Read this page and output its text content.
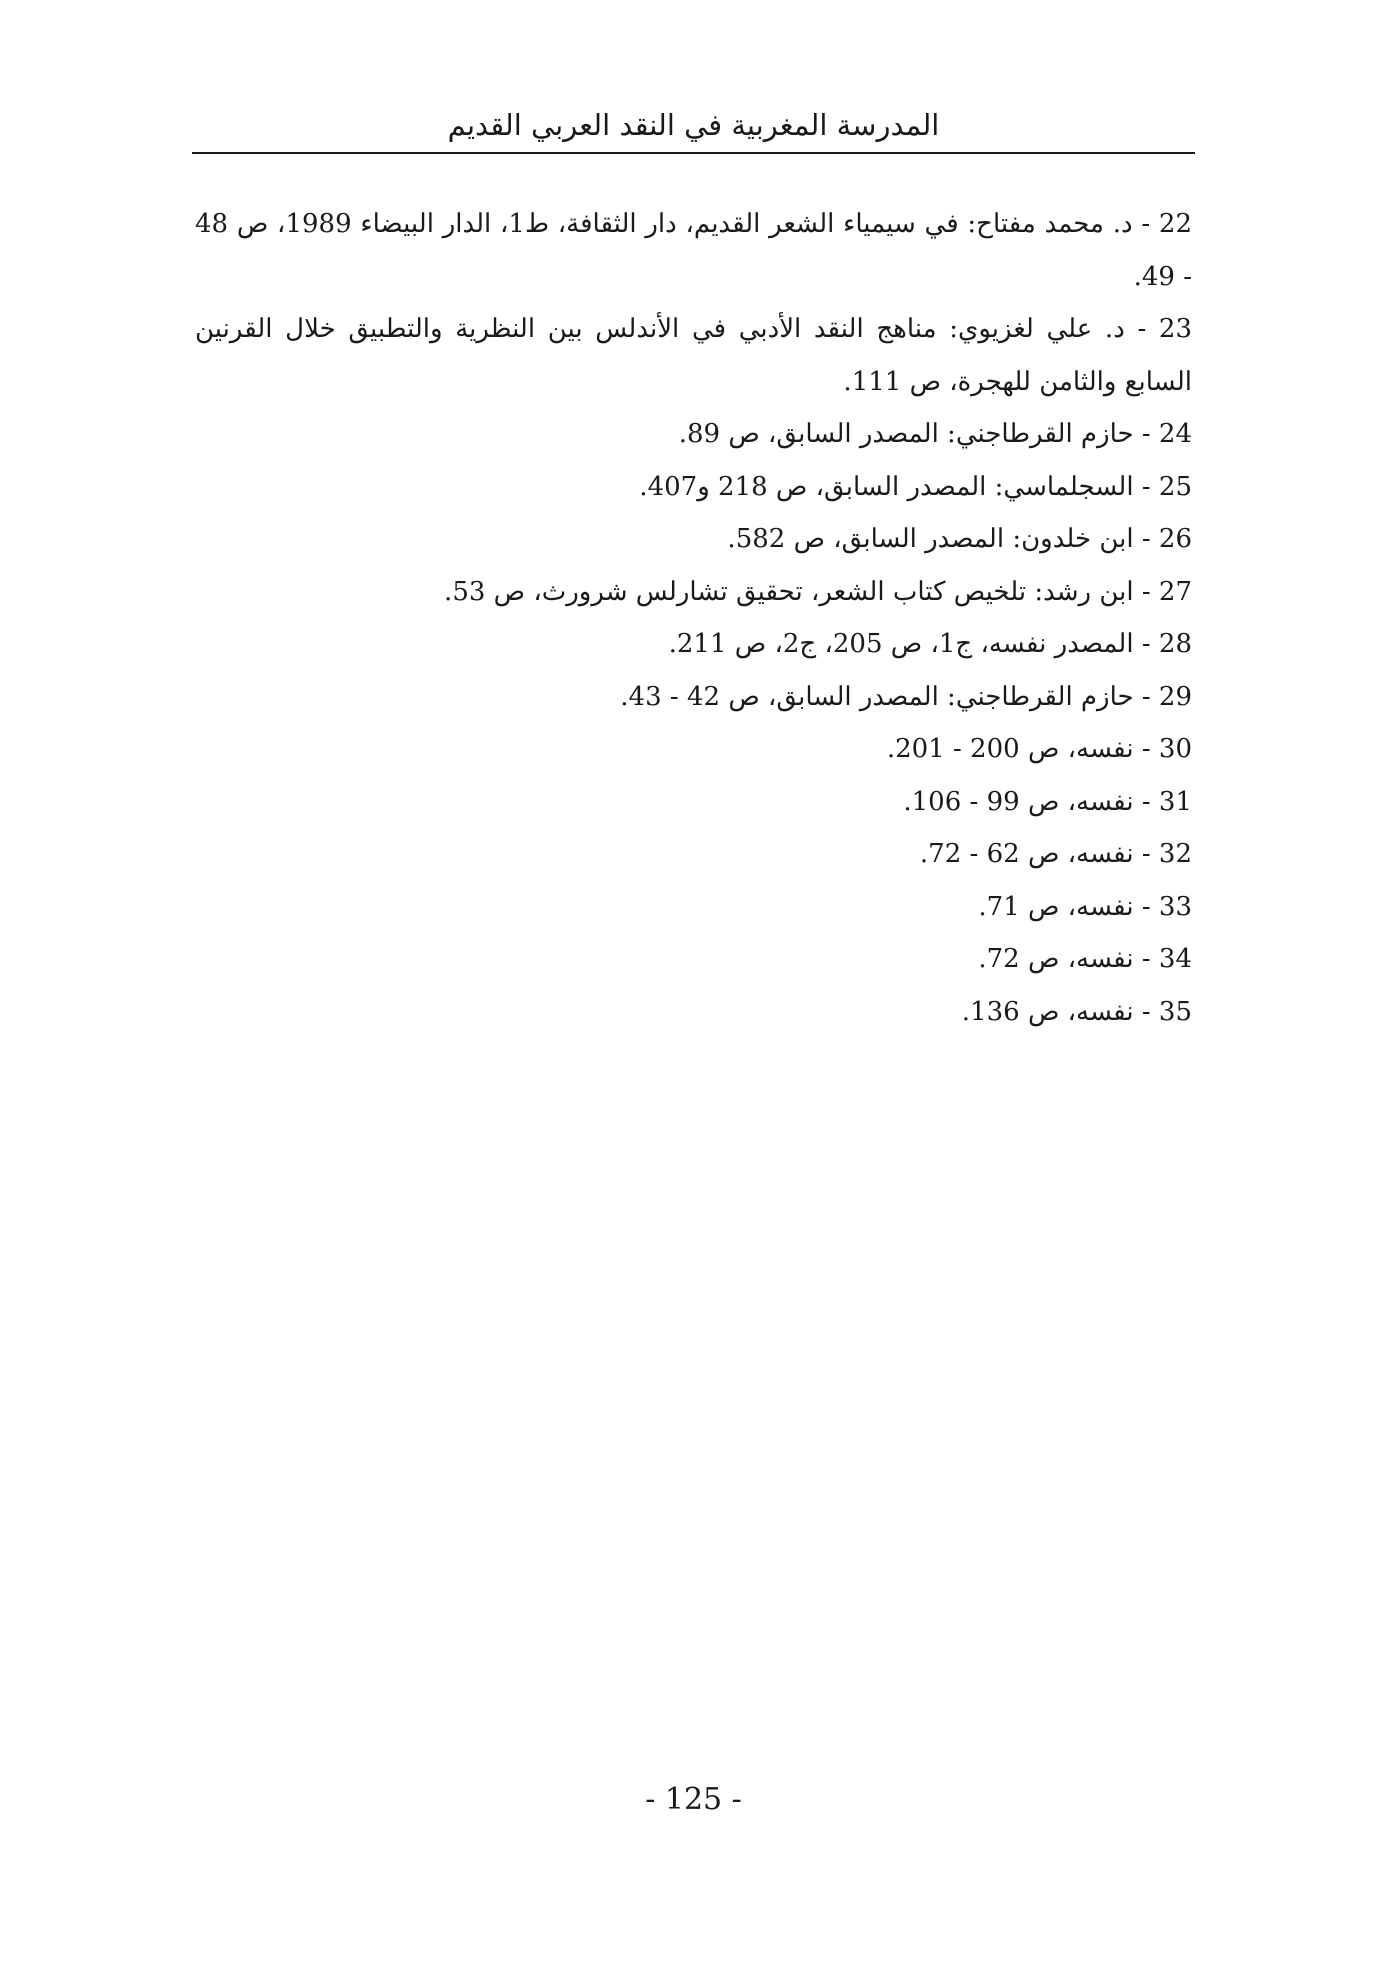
المدرسة المغربية في النقد العربي القديم
22 - د. محمد مفتاح: في سيمياء الشعر القديم، دار الثقافة، ط1، الدار البيضاء 1989، ص 48 - 49.
23 - د. علي لغزيوي: مناهج النقد الأدبي في الأندلس بين النظرية والتطبيق خلال القرنين السابع والثامن للهجرة، ص 111.
24 - حازم القرطاجني: المصدر السابق، ص 89.
25 - السجلماسي: المصدر السابق، ص 218 و407.
26 - ابن خلدون: المصدر السابق، ص 582.
27 - ابن رشد: تلخيص كتاب الشعر، تحقيق تشارلس شرورث، ص 53.
28 - المصدر نفسه، ج1، ص 205، ج2، ص 211.
29 - حازم القرطاجني: المصدر السابق، ص 42 - 43.
30 - نفسه، ص 200 - 201.
31 - نفسه، ص 99 - 106.
32 - نفسه، ص 62 - 72.
33 - نفسه، ص 71.
34 - نفسه، ص 72.
35 - نفسه، ص 136.
- 125 -
